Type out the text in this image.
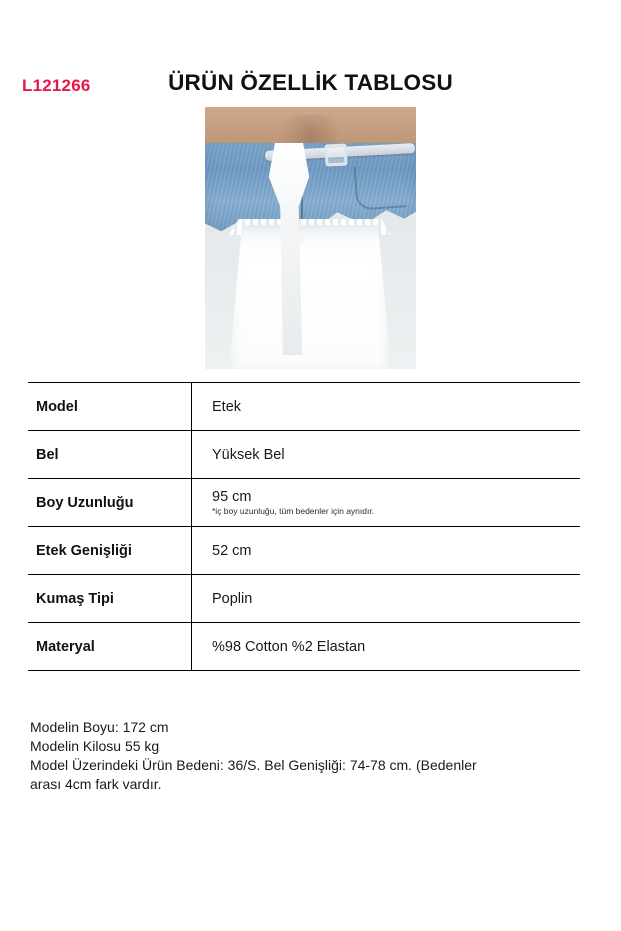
L121266	ÜRÜN ÖZELLİK TABLOSU
Model	Etek
Bel	Yüksek Bel
Boy Uzunluğu	95 cm
*iç boy uzunluğu, tüm bedenler için aynıdır.

Etek Genişliği	52 cm
Kumaş Tipi	Poplin
Materyal	%98 Cotton %2 Elastan
Modelin Boyu: 172 cm
Modelin Kilosu 55 kg
Model Üzerindeki Ürün Bedeni: 36/S. Bel Genişliği: 74-78 cm. (Bedenler
arası 4cm fark vardır.
